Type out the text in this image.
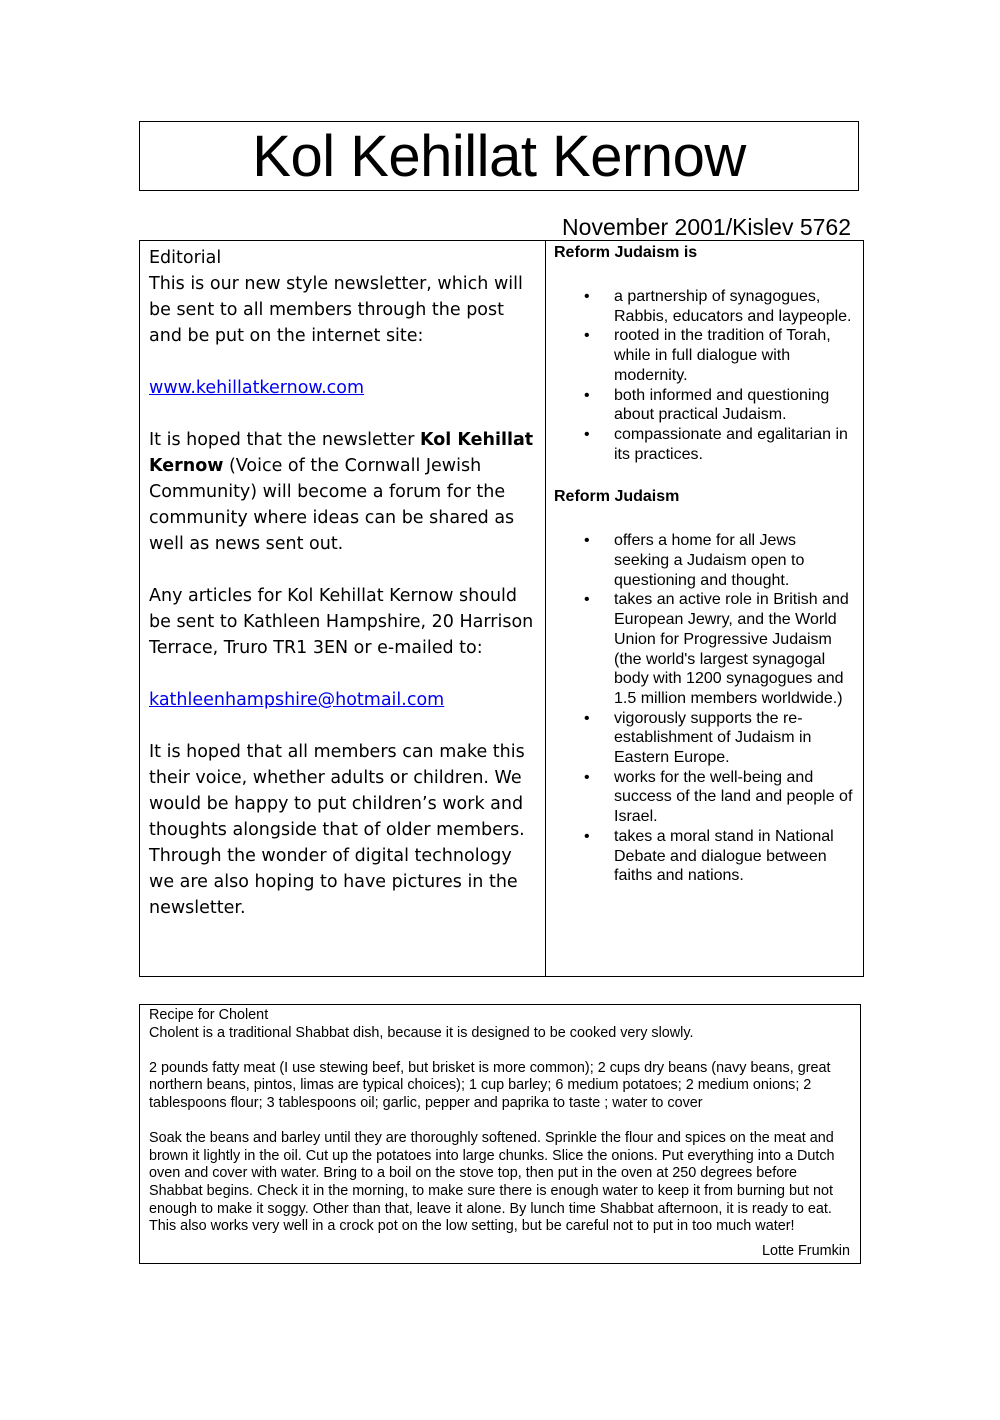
Kol Kehillat Kernow
November 2001/Kislev 5762

Editorial

This is our new style newsletter, which will be sent to all members through the post and be put on the internet site:

www.kehillatkernow.com

It is hoped that the newsletter Kol Kehillat Kernow (Voice of the Cornwall Jewish Community) will become a forum for the community where ideas can be shared as well as news sent out.

Any articles for Kol Kehillat Kernow should be sent to Kathleen Hampshire, 20 Harrison Terrace, Truro TR1 3EN or e-mailed to:

kathleenhampshire@hotmail.com

It is hoped that all members can make this their voice, whether adults or children. We would be happy to put children’s work and thoughts alongside that of older members. Through the wonder of digital technology we are also hoping to have pictures in the newsletter.

Reform Judaism is
• a partnership of synagogues, Rabbis, educators and laypeople.
• rooted in the tradition of Torah, while in full dialogue with modernity.
• both informed and questioning about practical Judaism.
• compassionate and egalitarian in its practices.
Reform Judaism
• offers a home for all Jews seeking a Judaism open to questioning and thought.
• takes an active role in British and European Jewry, and the World Union for Progressive Judaism (the world's largest synagogal body with 1200 synagogues and 1.5 million members worldwide.)
• vigorously supports the re-establishment of Judaism in Eastern Europe.
• works for the well-being and success of the land and people of Israel.
• takes a moral stand in National Debate and dialogue between faiths and nations.

Recipe for Cholent

Cholent is a traditional Shabbat dish, because it is designed to be cooked very slowly.

2 pounds fatty meat (I use stewing beef, but brisket is more common); 2 cups dry beans (navy beans, great northern beans, pintos, limas are typical choices); 1 cup barley; 6 medium potatoes; 2 medium onions; 2 tablespoons flour; 3 tablespoons oil; garlic, pepper and paprika to taste ; water to cover

Soak the beans and barley until they are thoroughly softened. Sprinkle the flour and spices on the meat and brown it lightly in the oil. Cut up the potatoes into large chunks. Slice the onions. Put everything into a Dutch oven and cover with water. Bring to a boil on the stove top, then put in the oven at 250 degrees before Shabbat begins. Check it in the morning, to make sure there is enough water to keep it from burning but not enough to make it soggy. Other than that, leave it alone. By lunch time Shabbat afternoon, it is ready to eat. This also works very well in a crock pot on the low setting, but be careful not to put in too much water!

Lotte Frumkin
